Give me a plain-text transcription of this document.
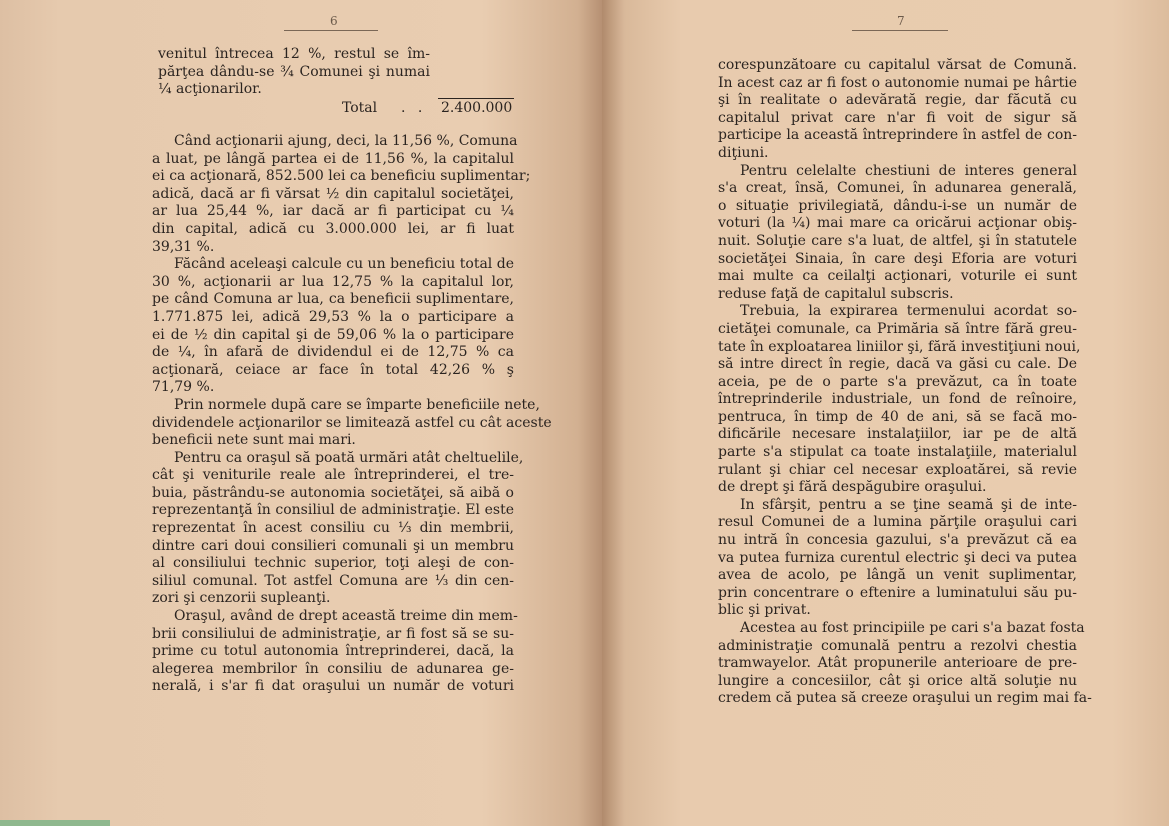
6
venitul întrecea 12 %, restul se îm-
părţea dându-se ¾ Comunei şi numai
¼ acţionarilor.
Total . . 2.400.000
Când acţionarii ajung, deci, la 11,56 %, Comuna
a luat, pe lângă partea ei de 11,56 %, la capitalul
ei ca acţionară, 852.500 lei ca beneficiu suplimentar;
adică, dacă ar fi vărsat ½ din capitalul societăţei,
ar lua 25,44 %, iar dacă ar fi participat cu ¼
din capital, adică cu 3.000.000 lei, ar fi luat
39,31 %.
Făcând aceleaşi calcule cu un beneficiu total de
30 %, acţionarii ar lua 12,75 % la capitalul lor,
pe când Comuna ar lua, ca beneficii suplimentare,
1.771.875 lei, adică 29,53 % la o participare a
ei de ½ din capital şi de 59,06 % la o participare
de ¼, în afară de dividendul ei de 12,75 % ca
acţionară, ceiace ar face în total 42,26 % ş
71,79 %.
Prin normele după care se împarte beneficiile nete,
dividendele acţionarilor se limitează astfel cu cât aceste
beneficii nete sunt mai mari.
Pentru ca oraşul să poată urmări atât cheltuelile,
cât şi veniturile reale ale întreprinderei, el tre-
buia, păstrându-se autonomia societăţei, să aibă o
reprezentanţă în consiliul de administraţie. El este
reprezentat în acest consiliu cu ⅓ din membrii,
dintre cari doui consilieri comunali şi un membru
al consiliului technic superior, toţi aleşi de con-
siliul comunal. Tot astfel Comuna are ⅓ din cen-
zori şi cenzorii supleanţi.
Oraşul, având de drept această treime din mem-
brii consiliului de administraţie, ar fi fost să se su-
prime cu totul autonomia întreprinderei, dacă, la
alegerea membrilor în consiliu de adunarea ge-
nerală, i s'ar fi dat oraşului un număr de voturi
7
corespunzătoare cu capitalul vărsat de Comună.
In acest caz ar fi fost o autonomie numai pe hârtie
şi în realitate o adevărată regie, dar făcută cu
capitalul privat care n'ar fi voit de sigur să
participe la această întreprindere în astfel de con-
diţiuni.
Pentru celelalte chestiuni de interes general
s'a creat, însă, Comunei, în adunarea generală,
o situaţie privilegiată, dându-i-se un număr de
voturi (la ¼) mai mare ca oricărui acţionar obiş-
nuit. Soluţie care s'a luat, de altfel, şi în statutele
societăţei Sinaia, în care deşi Eforia are voturi
mai multe ca ceilalţi acţionari, voturile ei sunt
reduse faţă de capitalul subscris.
Trebuia, la expirarea termenului acordat so-
cietăţei comunale, ca Primăria să între fără greu-
tate în exploatarea liniilor şi, fără investiţiuni noui,
să intre direct în regie, dacă va găsi cu cale. De
aceia, pe de o parte s'a prevăzut, ca în toate
întreprinderile industriale, un fond de reînoire,
pentruca, în timp de 40 de ani, să se facă mo-
dificările necesare instalaţiilor, iar pe de altă
parte s'a stipulat ca toate instalaţiile, materialul
rulant şi chiar cel necesar exploatărei, să revie
de drept şi fără despăgubire oraşului.
In sfârşit, pentru a se ţine seamă şi de inte-
resul Comunei de a lumina părţile oraşului cari
nu intră în concesia gazului, s'a prevăzut că ea
va putea furniza curentul electric şi deci va putea
avea de acolo, pe lângă un venit suplimentar,
prin concentrare o eftenire a luminatului său pu-
blic şi privat.
Acestea au fost principiile pe cari s'a bazat fosta
administraţie comunală pentru a rezolvi chestia
tramwayelor. Atât propunerile anterioare de pre-
lungire a concesiilor, cât şi orice altă soluţie nu
credem că putea să creeze oraşului un regim mai fa-
